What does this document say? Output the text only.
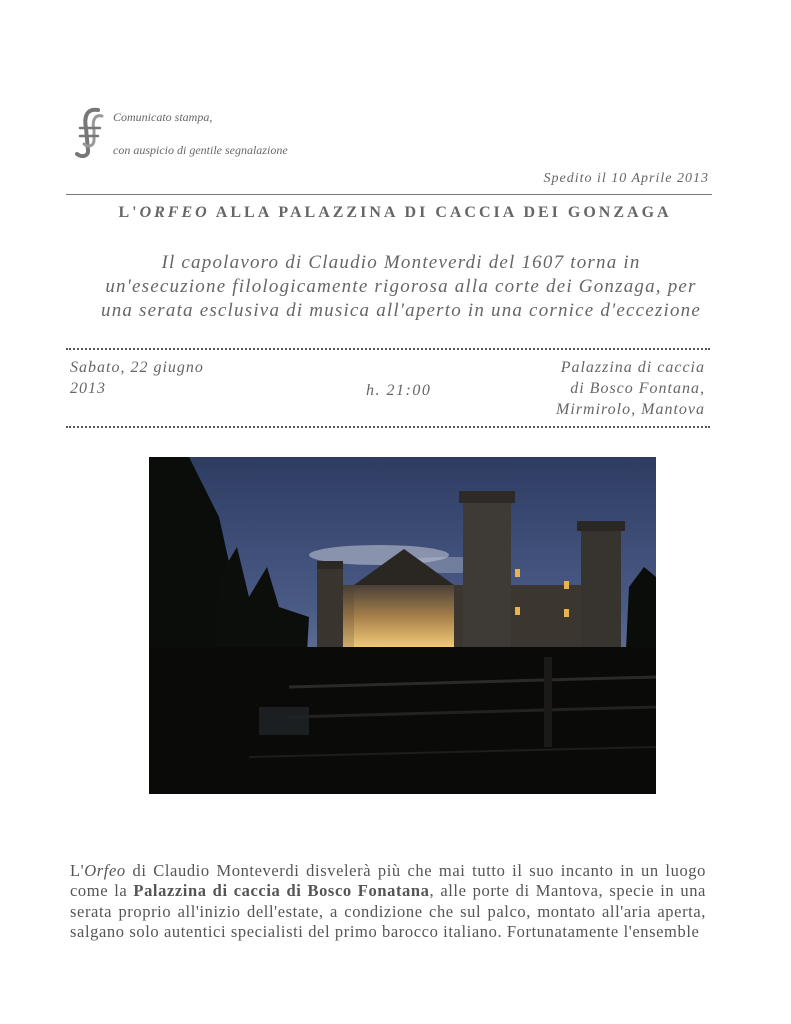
Comunicato stampa,
con auspicio di gentile segnalazione
Spedito il 10 Aprile 2013
L'ORFEO ALLA PALAZZINA DI CACCIA DEI GONZAGA
Il capolavoro di Claudio Monteverdi del 1607 torna in un'esecuzione filologicamente rigorosa alla corte dei Gonzaga, per una serata esclusiva di musica all'aperto in una cornice d'eccezione
Sabato, 22 giugno
2013	h. 21:00
Palazzina di caccia
di Bosco Fontana,
Mirmirolo, Mantova

L'Orfeo di Claudio Monteverdi disvelerà più che mai tutto il suo incanto in un luogo come la Palazzina di caccia di Bosco Fonatana, alle porte di Mantova, specie in una serata proprio all'inizio dell'estate, a condizione che sul palco, montato all'aria aperta, salgano solo autentici specialisti del primo barocco italiano. Fortunatamente l'ensemble
